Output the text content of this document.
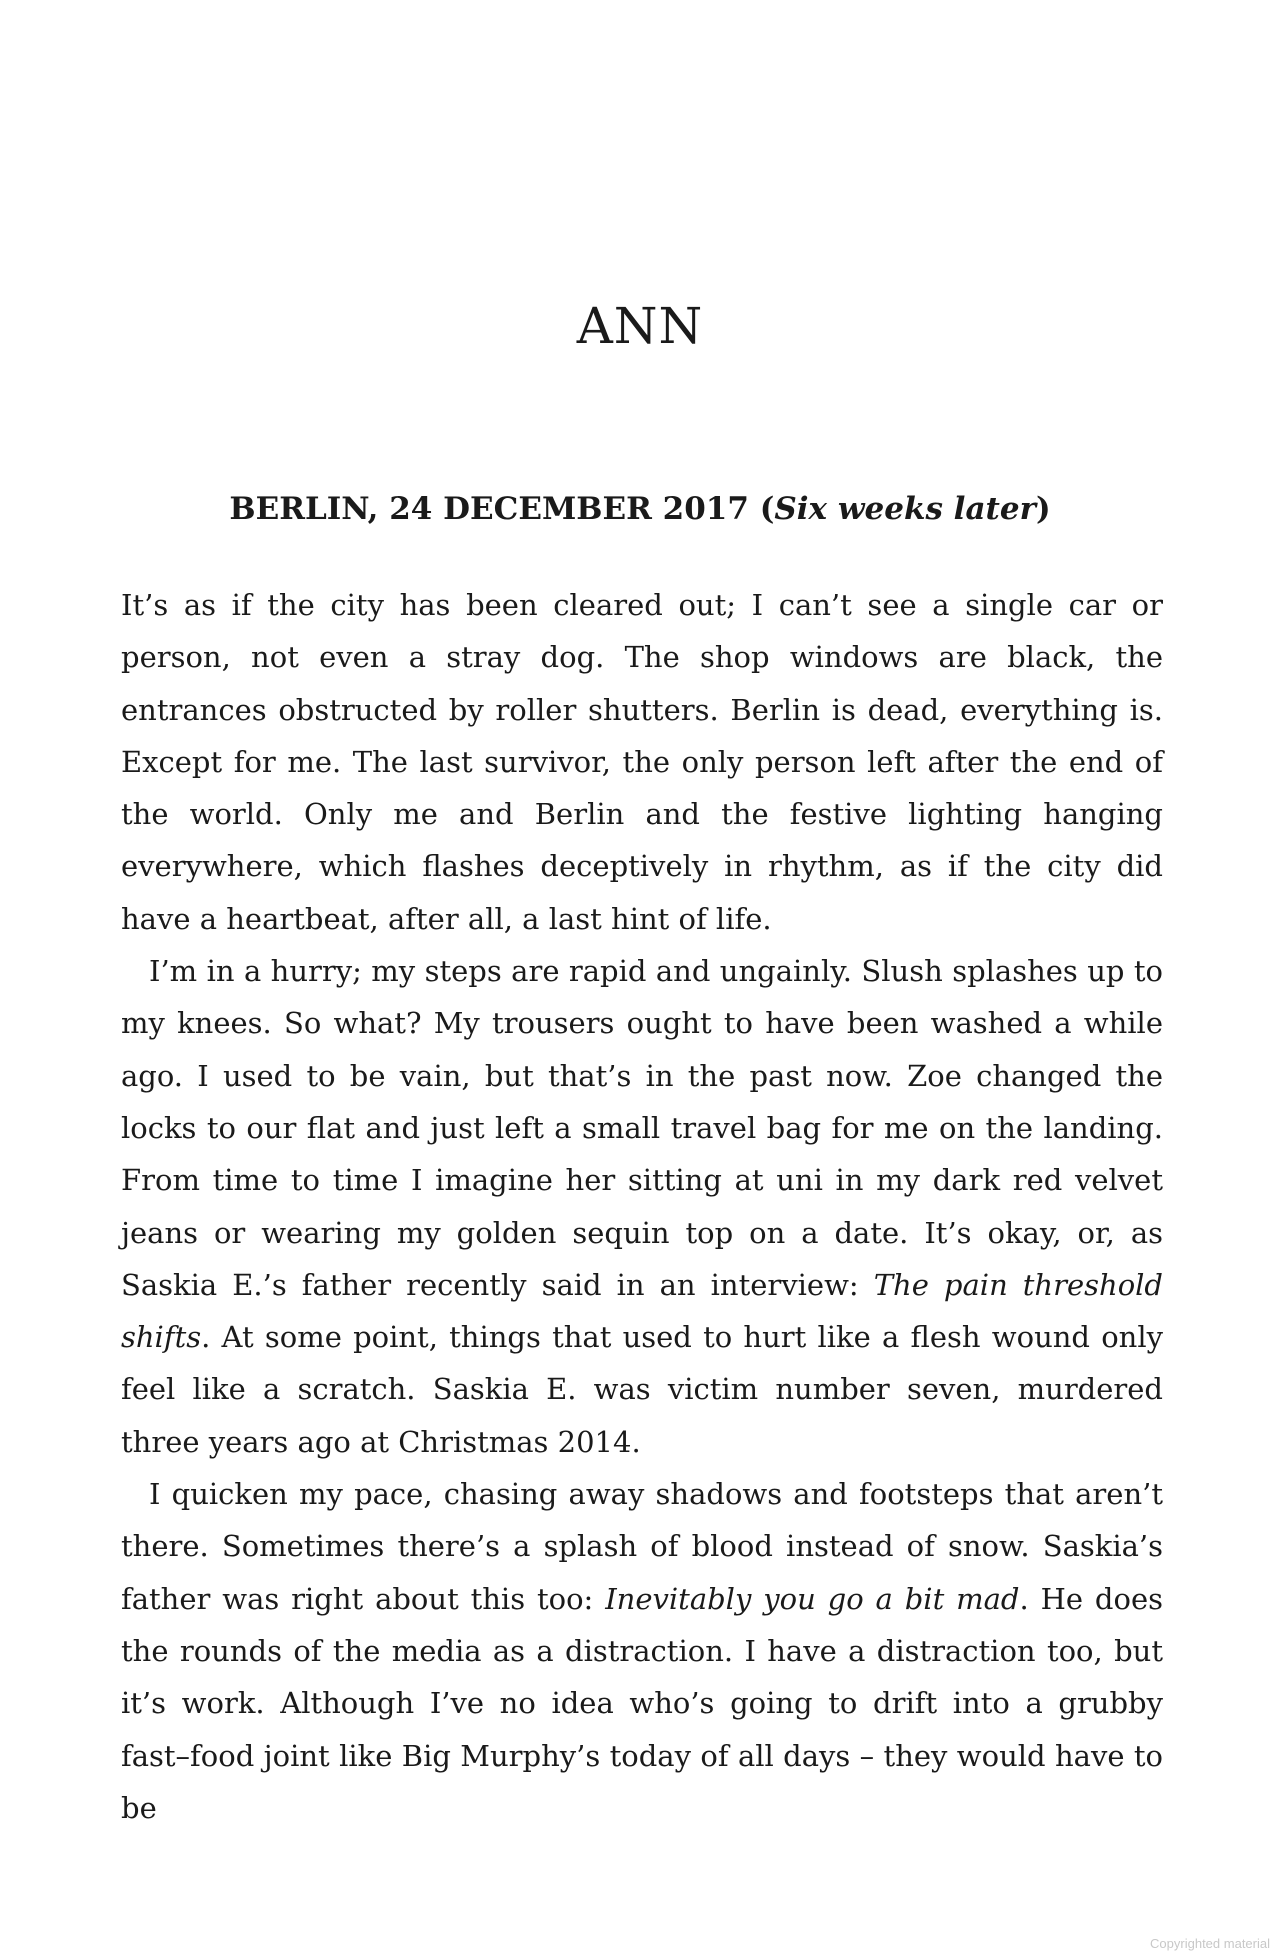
ANN
BERLIN, 24 DECEMBER 2017 (Six weeks later)

It’s as if the city has been cleared out; I can’t see a single car or person, not even a stray dog. The shop windows are black, the entrances obstructed by roller shutters. Berlin is dead, everything is. Except for me. The last survivor, the only person left after the end of the world. Only me and Berlin and the festive lighting hanging everywhere, which flashes deceptively in rhythm, as if the city did have a heartbeat, after all, a last hint of life.

I’m in a hurry; my steps are rapid and ungainly. Slush splashes up to my knees. So what? My trousers ought to have been washed a while ago. I used to be vain, but that’s in the past now. Zoe changed the locks to our flat and just left a small travel bag for me on the landing. From time to time I imagine her sitting at uni in my dark red velvet jeans or wearing my golden sequin top on a date. It’s okay, or, as Saskia E.’s father recently said in an interview: The pain threshold shifts. At some point, things that used to hurt like a flesh wound only feel like a scratch. Saskia E. was victim number seven, murdered three years ago at Christmas 2014.

I quicken my pace, chasing away shadows and footsteps that aren’t there. Sometimes there’s a splash of blood instead of snow. Saskia’s father was right about this too: Inevitably you go a bit mad. He does the rounds of the media as a distraction. I have a distraction too, but it’s work. Although I’ve no idea who’s going to drift into a grubby fast–food joint like Big Murphy’s today of all days – they would have to be

Copyrighted material
